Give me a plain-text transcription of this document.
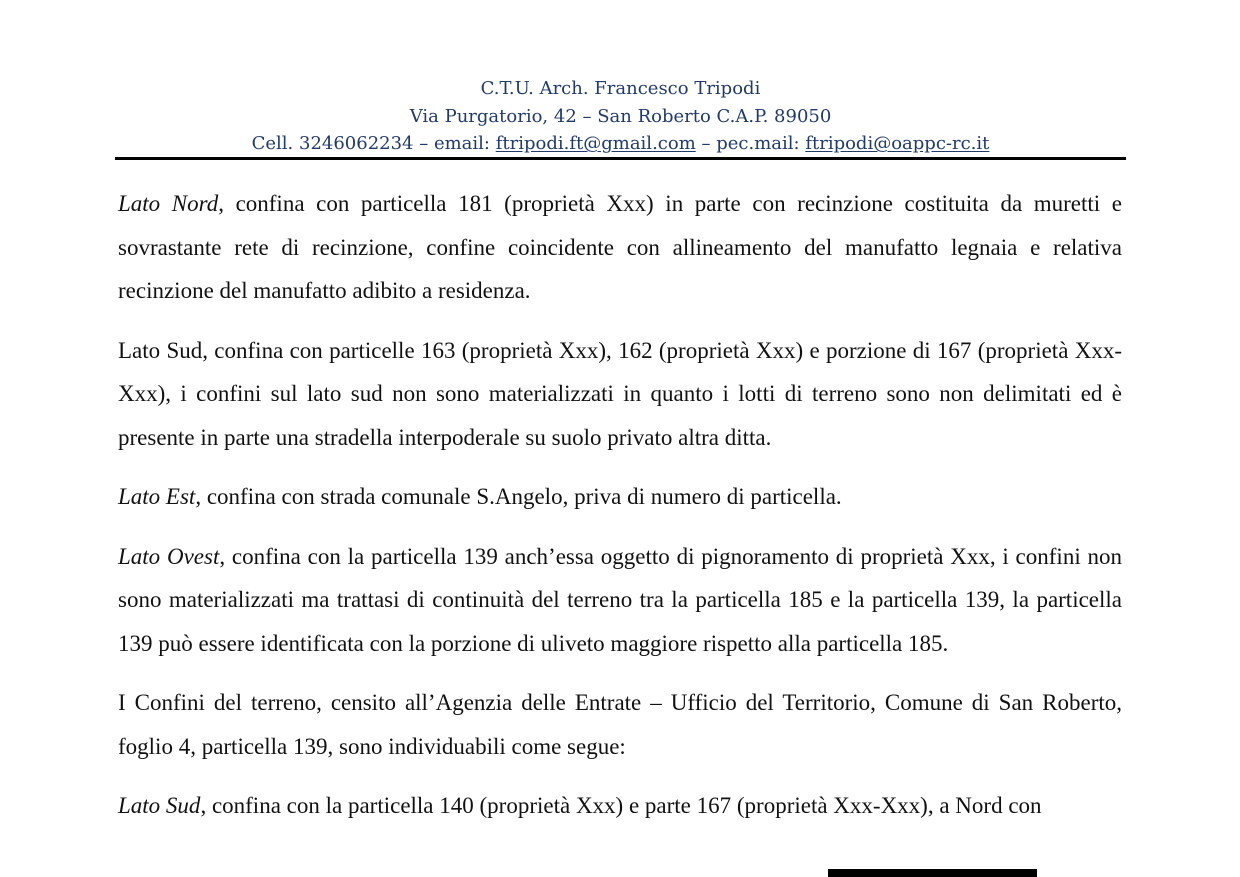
C.T.U. Arch. Francesco Tripodi
Via Purgatorio, 42 – San Roberto C.A.P. 89050
Cell. 3246062234 – email: ftripodi.ft@gmail.com – pec.mail: ftripodi@oappc-rc.it

Lato Nord, confina con particella 181 (proprietà Xxx) in parte con recinzione costituita da muretti e sovrastante rete di recinzione, confine coincidente con allineamento del manufatto legnaia e relativa recinzione del manufatto adibito a residenza.

Lato Sud, confina con particelle 163 (proprietà Xxx), 162 (proprietà Xxx) e porzione di 167 (proprietà Xxx-Xxx), i confini sul lato sud non sono materializzati in quanto i lotti di terreno sono non delimitati ed è presente in parte una stradella interpoderale su suolo privato altra ditta.

Lato Est, confina con strada comunale S.Angelo, priva di numero di particella.

Lato Ovest, confina con la particella 139 anch’essa oggetto di pignoramento di proprietà Xxx, i confini non sono materializzati ma trattasi di continuità del terreno tra la particella 185 e la particella 139, la particella 139 può essere identificata con la porzione di uliveto maggiore rispetto alla particella 185.

I Confini del terreno, censito all’Agenzia delle Entrate – Ufficio del Territorio, Comune di San Roberto, foglio 4, particella 139, sono individuabili come segue:

Lato Sud, confina con la particella 140 (proprietà Xxx) e parte 167 (proprietà Xxx-Xxx), a Nord con
